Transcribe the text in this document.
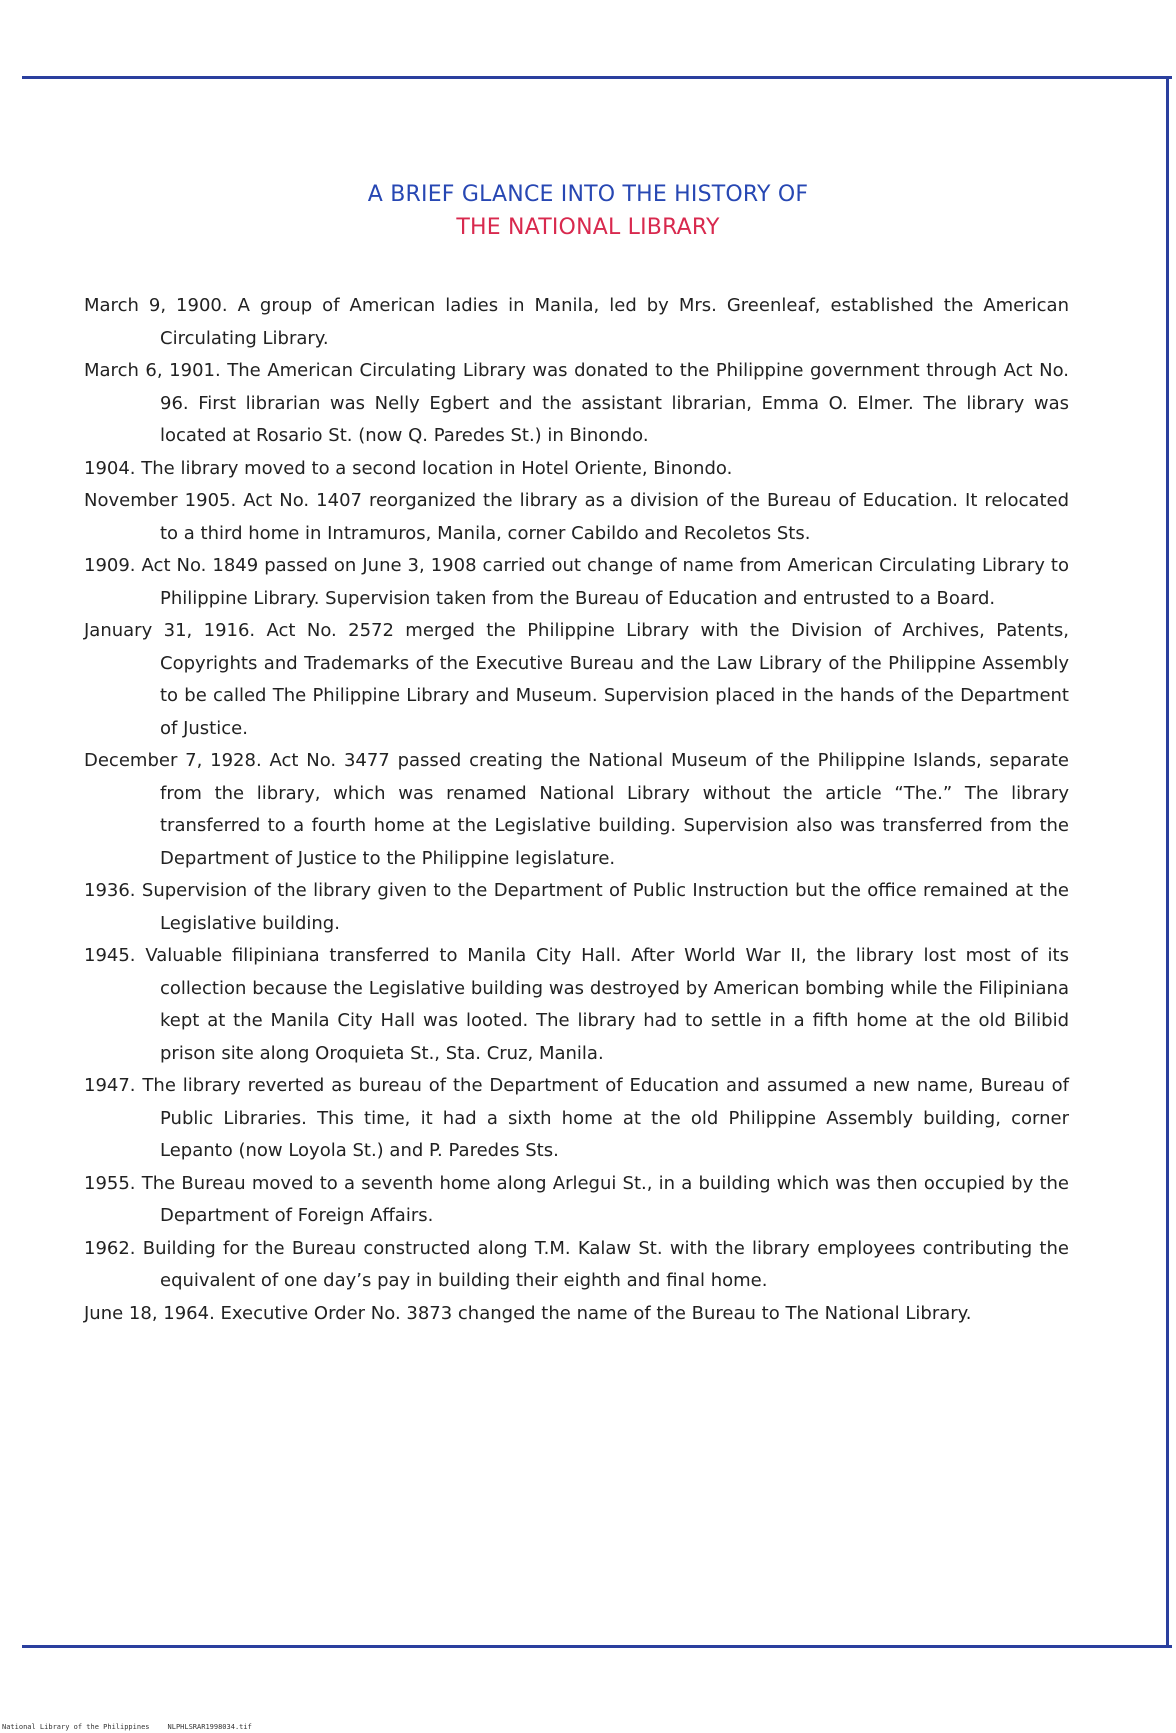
A BRIEF GLANCE INTO THE HISTORY OF
THE NATIONAL LIBRARY

March 9, 1900. A group of American ladies in Manila, led by Mrs. Greenleaf, established the American Circulating Library.

March 6, 1901. The American Circulating Library was donated to the Philippine government through Act No. 96. First librarian was Nelly Egbert and the assistant librarian, Emma O. Elmer. The library was located at Rosario St. (now Q. Paredes St.) in Binondo.

1904. The library moved to a second location in Hotel Oriente, Binondo.

November 1905. Act No. 1407 reorganized the library as a division of the Bureau of Education. It relocated to a third home in Intramuros, Manila, corner Cabildo and Recoletos Sts.

1909. Act No. 1849 passed on June 3, 1908 carried out change of name from American Circulating Library to Philippine Library. Supervision taken from the Bureau of Education and entrusted to a Board.

January 31, 1916. Act No. 2572 merged the Philippine Library with the Division of Archives, Patents, Copyrights and Trademarks of the Executive Bureau and the Law Library of the Philippine Assembly to be called The Philippine Library and Museum. Supervision placed in the hands of the Department of Justice.

December 7, 1928. Act No. 3477 passed creating the National Museum of the Philippine Islands, separate from the library, which was renamed National Library without the article “The.” The library transferred to a fourth home at the Legislative building. Supervision also was transferred from the Department of Justice to the Philippine legislature.

1936. Supervision of the library given to the Department of Public Instruction but the office remained at the Legislative building.

1945. Valuable filipiniana transferred to Manila City Hall. After World War II, the library lost most of its collection because the Legislative building was destroyed by American bombing while the Filipiniana kept at the Manila City Hall was looted. The library had to settle in a fifth home at the old Bilibid prison site along Oroquieta St., Sta. Cruz, Manila.

1947. The library reverted as bureau of the Department of Education and assumed a new name, Bureau of Public Libraries. This time, it had a sixth home at the old Philippine Assembly building, corner Lepanto (now Loyola St.) and P. Paredes Sts.

1955. The Bureau moved to a seventh home along Arlegui St., in a building which was then occupied by the Department of Foreign Affairs.

1962. Building for the Bureau constructed along T.M. Kalaw St. with the library employees contributing the equivalent of one day’s pay in building their eighth and final home.

June 18, 1964. Executive Order No. 3873 changed the name of the Bureau to The National Library.

National Library of the Philippines	NLPHLSRAR1998034.tif
